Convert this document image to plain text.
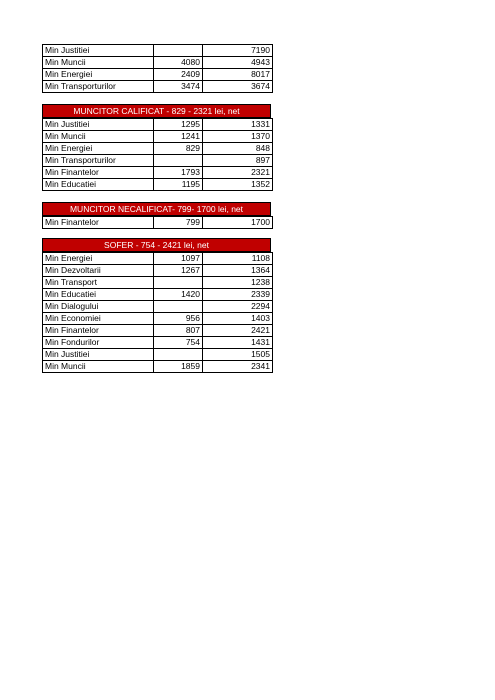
Min Justitiei		7190
Min Muncii	4080	4943
Min Energiei	2409	8017
Min Transporturilor	3474	3674
MUNCITOR CALIFICAT - 829 - 2321 lei, net
Min Justitiei	1295	1331
Min Muncii	1241	1370
Min Energiei	829	848
Min Transporturilor		897
Min Finantelor	1793	2321
Min Educatiei	1195	1352
MUNCITOR NECALIFICAT- 799- 1700 lei, net
Min Finantelor	799	1700
SOFER - 754 - 2421 lei, net
Min Energiei	1097	1108
Min Dezvoltarii	1267	1364
Min Transport		1238
Min Educatiei	1420	2339
Min Dialogului		2294
Min Economiei	956	1403
Min Finantelor	807	2421
Min Fondurilor	754	1431
Min Justitiei		1505
Min Muncii	1859	2341
